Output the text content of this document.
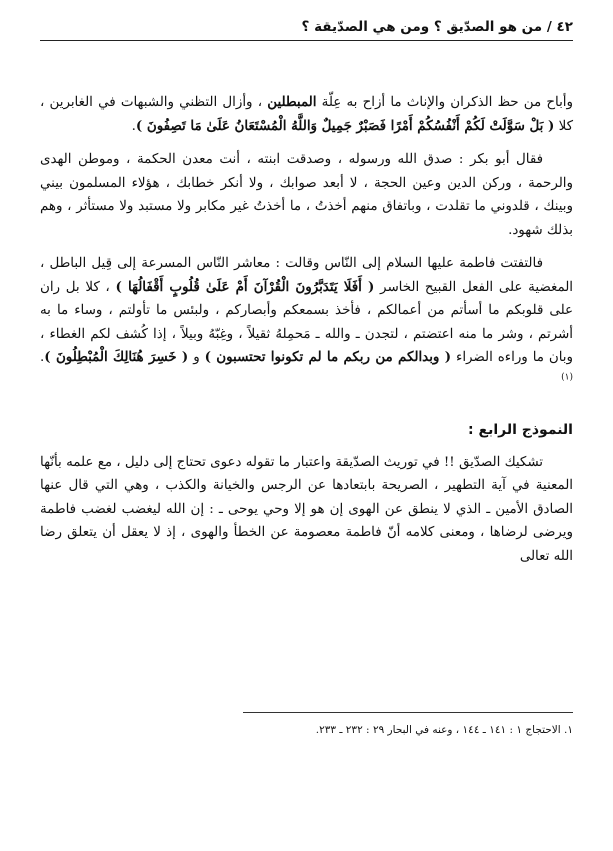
٤٢ / من هو الصدّيق ؟ ومن هي الصدّيقة ؟

وأباح من حظ الذكران والإناث ما أزاح به عِلّة المبطلين ، وأزال التظني والشبهات في الغابرين ، كلا ( بَلْ سَوَّلَتْ لَكُمْ أَنْفُسُكُمْ أَمْرًا فَصَبْرٌ جَمِيلٌ وَاللَّهُ الْمُسْتَعَانُ عَلَىٰ مَا تَصِفُونَ ).

فقال أبو بكر : صدق الله ورسوله ، وصدقت ابنته ، أنت معدن الحكمة ، وموطن الهدى والرحمة ، وركن الدين وعين الحجة ، لا أبعد صوابك ، ولا أنكر خطابك ، هؤلاء المسلمون بيني وبينك ، قلدوني ما تقلدت ، وباتفاق منهم أخذتُ ، ما أخذتُ غير مكابر ولا مستبد ولا مستأثر ، وهم بذلك شهود.

فالتفتت فاطمة عليها السلام إلى النّاس وقالت : معاشر النّاس المسرعة إلى قِيل الباطل ، المغضية على الفعل القبيح الخاسر ( أَفَلَا يَتَدَبَّرُونَ الْقُرْآنَ أَمْ عَلَىٰ قُلُوبٍ أَقْفَالُهَا ) ، كلا بل ران على قلوبكم ما أسأتم من أعمالكم ، فأخذ بسمعكم وأبصاركم ، ولبئس ما تأولتم ، وساء ما به أشرتم ، وشر ما منه اعتضتم ، لتجدن ـ والله ـ مَحمِلهُ ثقيلاً ، وغِبّهُ وبيلاً ، إذا كُشف لكم الغطاء ، وبان ما وراءه الضراء ( وبدالكم من ربكم ما لم تكونوا تحتسبون ) و ( خَسِرَ هُنَالِكَ الْمُبْطِلُونَ ). $^{(١)}$

النموذج الرابع :

تشكيك الصدّيق !! في توريث الصدّيقة واعتبار ما تقوله دعوى تحتاج إلى دليل ، مع علمه بأنّها المعنية في آية التطهير ، الصريحة بابتعادها عن الرجس والخيانة والكذب ، وهي التي قال عنها الصادق الأمين ـ الذي لا ينطق عن الهوى إن هو إلا وحي يوحى ـ : إن الله ليغضب لغضب فاطمة ويرضى لرضاها ، ومعنى كلامه أنّ فاطمة معصومة عن الخطأ والهوى ، إذ لا يعقل أن يتعلق رضا الله تعالى

١. الاحتجاج ١ : ١٤١ ـ ١٤٤ ، وعنه في البحار ٢٩ : ٢٣٢ ـ ٢٣٣.
